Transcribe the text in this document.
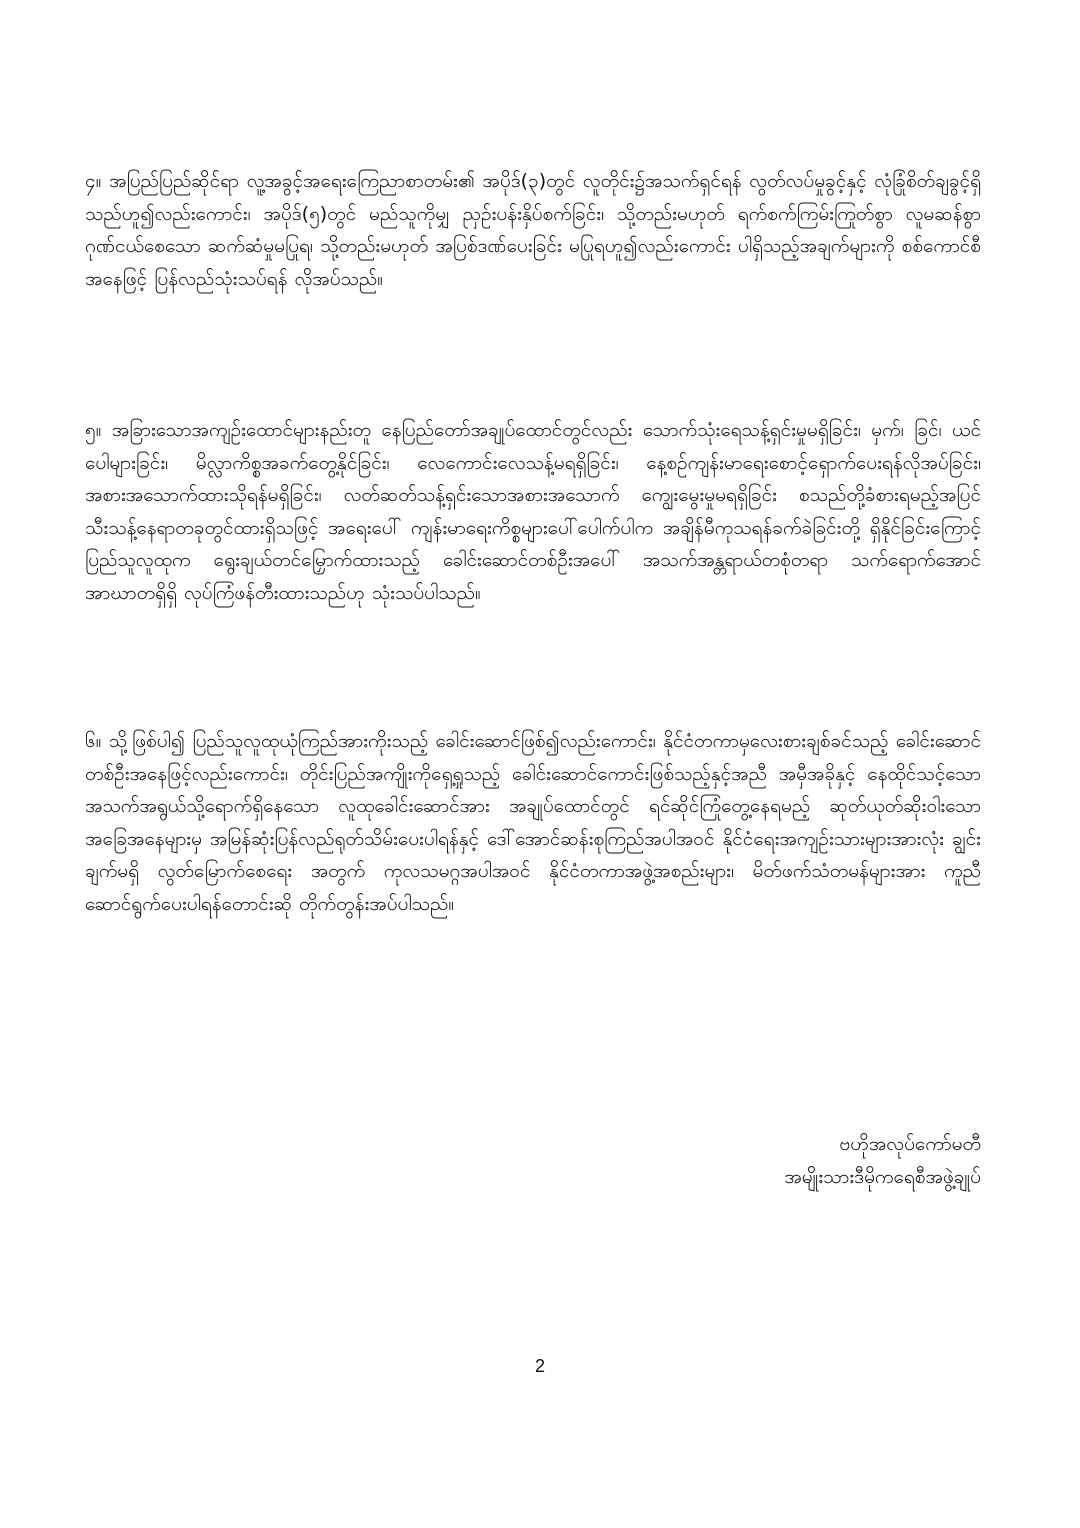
၄။ အပြည်ပြည်ဆိုင်ရာ လူ့အခွင့်အရေးကြေညာစာတမ်း၏ အပိုဒ်(၃)တွင် လူတိုင်း၌အသက်ရှင်ရန် လွတ်လပ်မှုခွင့်နှင့် လုံခြုံစိတ်ချခွင့်ရှိသည်ဟူ၍လည်းကောင်း၊ အပိုဒ်(၅)တွင် မည်သူကိုမျှ ညှဉ်းပန်းနှိပ်စက်ခြင်း၊ သို့တည်းမဟုတ် ရက်စက်ကြမ်းကြုတ်စွာ လူမဆန်စွာ ဂုဏ်ငယ်စေသော ဆက်ဆံမှုမပြုရ၊ သို့တည်းမဟုတ် အပြစ်ဒဏ်ပေးခြင်း မပြုရဟူ၍လည်းကောင်း ပါရှိသည့်အချက်များကို စစ်ကောင်စီအနေဖြင့် ပြန်လည်သုံးသပ်ရန် လိုအပ်သည်။

၅။ အခြားသောအကျဉ်းထောင်များနည်းတူ နေပြည်တော်အချုပ်ထောင်တွင်လည်း သောက်သုံးရေသန့်ရှင်းမှုမရှိခြင်း၊ မှက်၊ ခြင်၊ ယင်ပေါများခြင်း၊ မိလ္လာကိစ္စအခက်တွေ့နိုင်ခြင်း၊ လေကောင်းလေသန့်မရရှိခြင်း၊ နေ့စဉ်ကျန်းမာရေးစောင့်ရှောက်ပေးရန်လိုအပ်ခြင်း၊ အစားအသောက်ထားသိုရန်မရှိခြင်း၊ လတ်ဆတ်သန့်ရှင်းသောအစားအသောက် ကျွေးမွေးမှုမရရှိခြင်း စသည်တို့ခံစားရမည့်အပြင် သီးသန့်နေရာတခုတွင်ထားရှိသဖြင့် အရေးပေါ် ကျန်းမာရေးကိစ္စများပေါ်ပေါက်ပါက အချိန်မီကုသရန်ခက်ခဲခြင်းတို့ ရှိနိုင်ခြင်းကြောင့် ပြည်သူလူထုက ရွေးချယ်တင်မြှောက်ထားသည့် ခေါင်းဆောင်တစ်ဦးအပေါ် အသက်အန္တရာယ်တစုံတရာ သက်ရောက်အောင် အာဃာတရှိရှိ လုပ်ကြံဖန်တီးထားသည်ဟု သုံးသပ်ပါသည်။

၆။ သို့ဖြစ်ပါ၍ ပြည်သူလူထုယုံကြည်အားကိုးသည့် ခေါင်းဆောင်ဖြစ်၍လည်းကောင်း၊ နိုင်ငံတကာမှလေးစားချစ်ခင်သည့် ခေါင်းဆောင်တစ်ဦးအနေဖြင့်လည်းကောင်း၊ တိုင်းပြည်အကျိုးကိုရှေ့ရှုသည့် ခေါင်းဆောင်ကောင်းဖြစ်သည့်နှင့်အညီ အမှီအခိုနှင့် နေထိုင်သင့်သော အသက်အရွယ်သို့ရောက်ရှိနေသော လူထုခေါင်းဆောင်အား အချုပ်ထောင်တွင် ရင်ဆိုင်ကြုံတွေ့နေရမည့် ဆုတ်ယုတ်ဆိုးဝါးသောအခြေအနေများမှ အမြန်ဆုံးပြန်လည်ရုတ်သိမ်းပေးပါရန်နှင့် ဒေါ်အောင်ဆန်းစုကြည်အပါအဝင် နိုင်ငံရေးအကျဉ်းသားများအားလုံး ချွင်းချက်မရှိ လွတ်မြောက်စေရေး အတွက် ကုလသမဂ္ဂအပါအဝင် နိုင်ငံတကာအဖွဲ့အစည်းများ၊ မိတ်ဖက်သံတမန်များအား ကူညီဆောင်ရွက်ပေးပါရန်တောင်းဆို တိုက်တွန်းအပ်ပါသည်။

ဗဟိုအလုပ်ကော်မတီ
အမျိုးသားဒီမိုကရေစီအဖွဲ့ချုပ်
2
